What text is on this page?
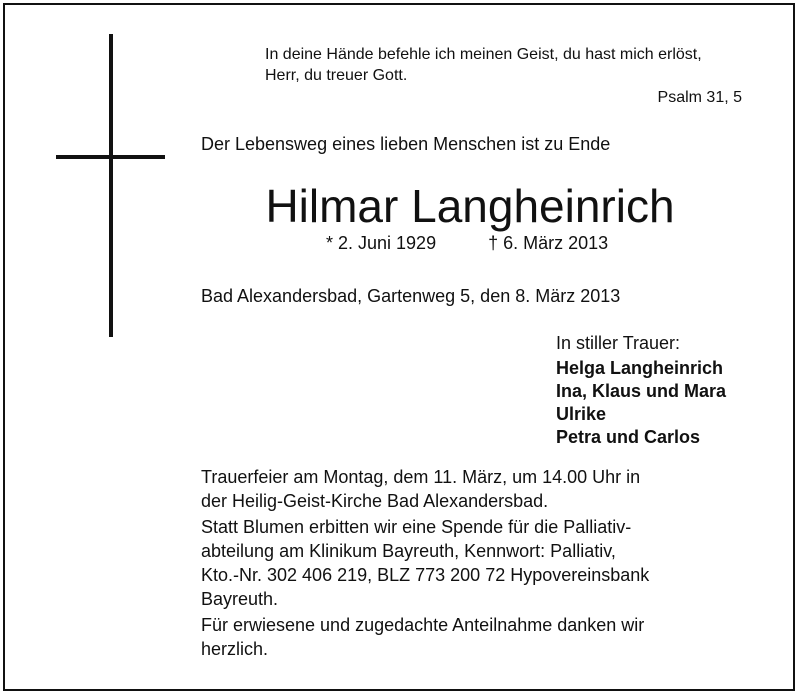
In deine Hände befehle ich meinen Geist, du hast mich erlöst,
Herr, du treuer Gott.
Psalm 31, 5
Der Lebensweg eines lieben Menschen ist zu Ende
Hilmar Langheinrich
* 2. Juni 1929	† 6. März 2013
Bad Alexandersbad, Gartenweg 5, den 8. März 2013
In stiller Trauer:
Helga Langheinrich
Ina, Klaus und Mara
Ulrike
Petra und Carlos

Trauerfeier am Montag, dem 11. März, um 14.00 Uhr in
der Heilig-Geist-Kirche Bad Alexandersbad.

Statt Blumen erbitten wir eine Spende für die Palliativ-
abteilung am Klinikum Bayreuth, Kennwort: Palliativ,
Kto.-Nr. 302 406 219, BLZ 773 200 72 Hypovereinsbank
Bayreuth.

Für erwiesene und zugedachte Anteilnahme danken wir
herzlich.
